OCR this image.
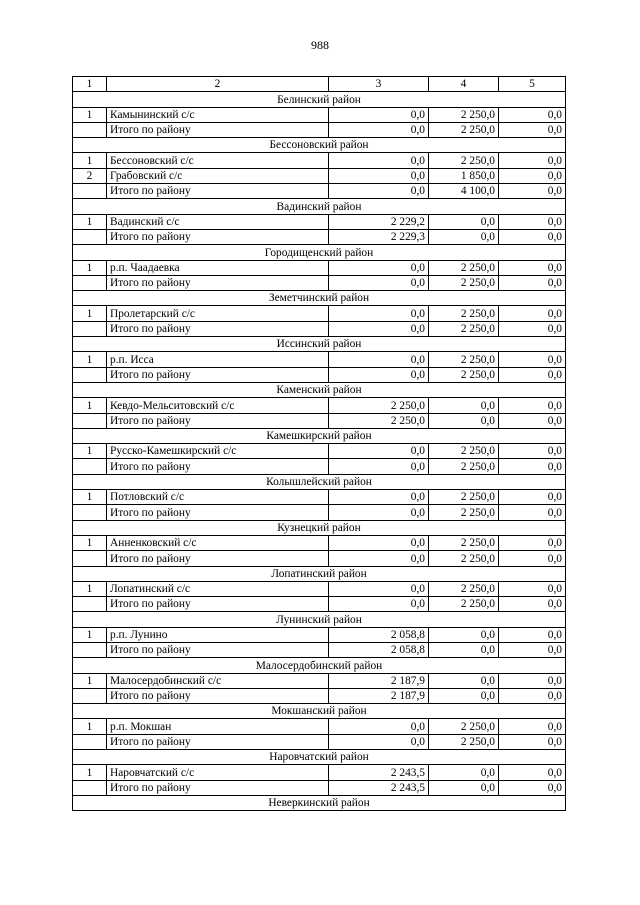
988
1	2	3	4	5
Белинский район				
1	Камынинский с/с	0,0	2 250,0	0,0
	Итого по району	0,0	2 250,0	0,0
Бессоновский район				
1	Бессоновский с/с	0,0	2 250,0	0,0
2	Грабовский с/с	0,0	1 850,0	0,0
	Итого по району	0,0	4 100,0	0,0
Вадинский район				
1	Вадинский с/с	2 229,2	0,0	0,0
	Итого по району	2 229,3	0,0	0,0
Городищенский район				
1	р.п. Чаадаевка	0,0	2 250,0	0,0
	Итого по району	0,0	2 250,0	0,0
Земетчинский район				
1	Пролетарский с/с	0,0	2 250,0	0,0
	Итого по району	0,0	2 250,0	0,0
Иссинский район				
1	р.п. Исса	0,0	2 250,0	0,0
	Итого по району	0,0	2 250,0	0,0
Каменский район				
1	Кевдо-Мельситовский с/с	2 250,0	0,0	0,0
	Итого по району	2 250,0	0,0	0,0
Камешкирский район				
1	Русско-Камешкирский с/с	0,0	2 250,0	0,0
	Итого по району	0,0	2 250,0	0,0
Колышлейский район				
1	Потловский с/с	0,0	2 250,0	0,0
	Итого по району	0,0	2 250,0	0,0
Кузнецкий район				
1	Анненковский с/с	0,0	2 250,0	0,0
	Итого по району	0,0	2 250,0	0,0
Лопатинский район				
1	Лопатинский с/с	0,0	2 250,0	0,0
	Итого по району	0,0	2 250,0	0,0
Лунинский район				
1	р.п. Лунино	2 058,8	0,0	0,0
	Итого по району	2 058,8	0,0	0,0
Малосердобинский район				
1	Малосердобинский с/с	2 187,9	0,0	0,0
	Итого по району	2 187,9	0,0	0,0
Мокшанский район				
1	р.п. Мокшан	0,0	2 250,0	0,0
	Итого по району	0,0	2 250,0	0,0
Наровчатский район				
1	Наровчатский с/с	2 243,5	0,0	0,0
	Итого по району	2 243,5	0,0	0,0
Неверкинский район				
